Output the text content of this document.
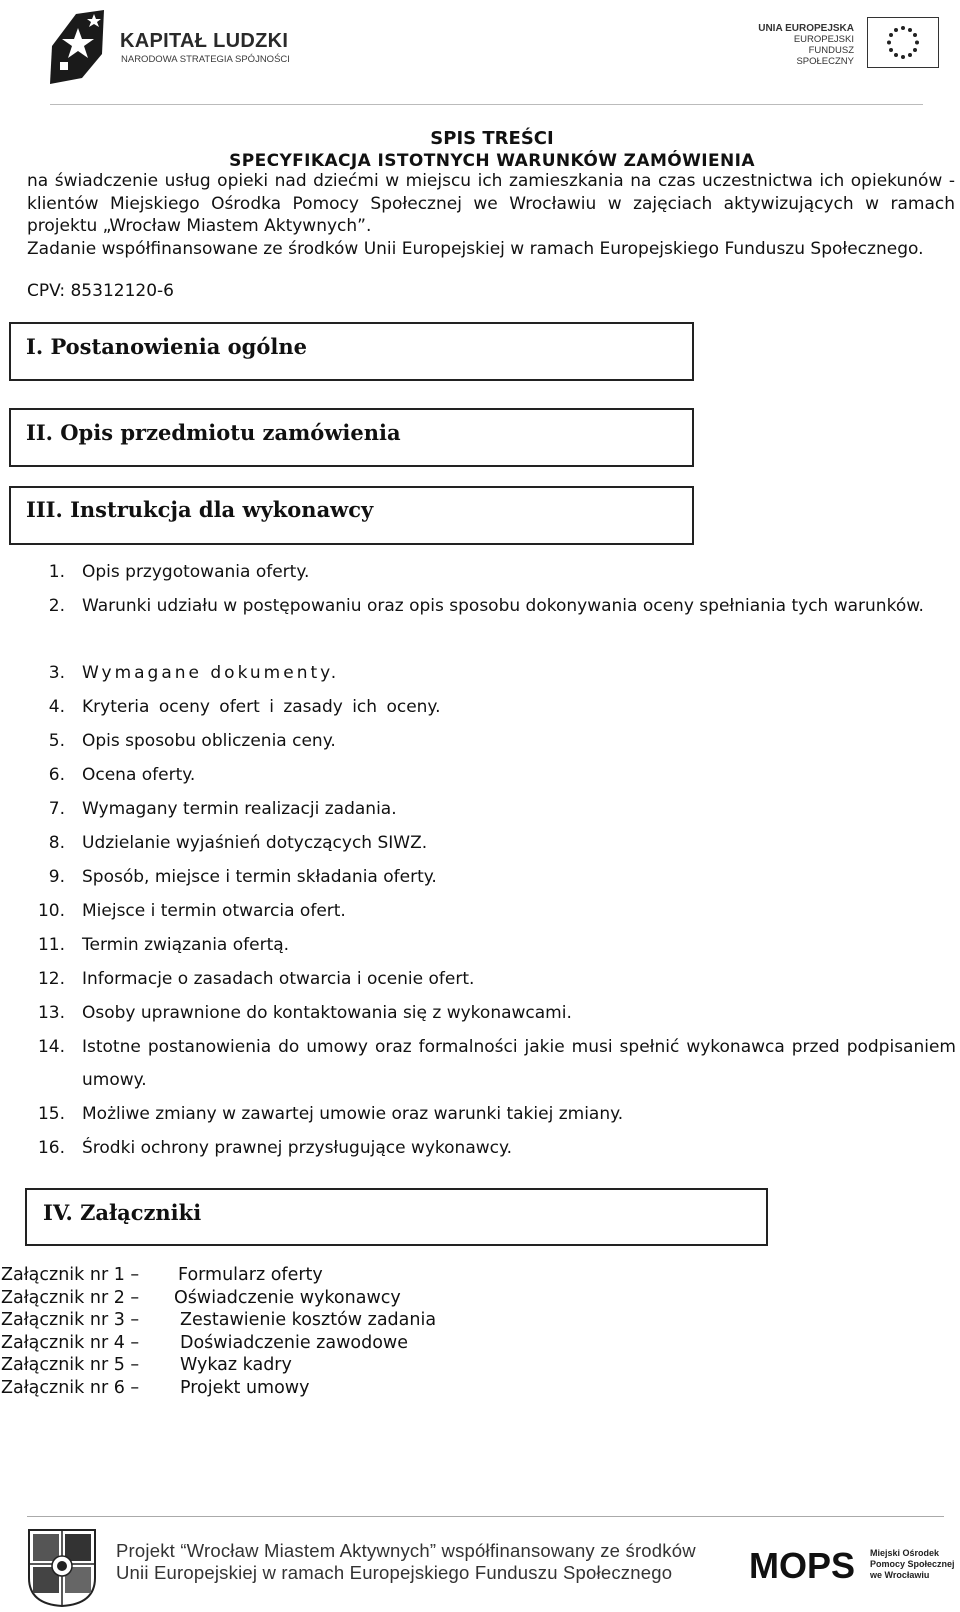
KAPITAŁ LUDZKI
NARODOWA STRATEGIA SPÓJNOŚCI
UNIA EUROPEJSKA
EUROPEJSKI
FUNDUSZ SPOŁECZNY
SPIS TREŚCI
SPECYFIKACJA ISTOTNYCH WARUNKÓW ZAMÓWIENIA

na świadczenie usług opieki nad dziećmi w miejscu ich zamieszkania na czas uczestnictwa ich opiekunów - klientów Miejskiego Ośrodka Pomocy Społecznej we Wrocławiu w zajęciach aktywizujących w ramach projektu „Wrocław Miastem Aktywnych”.

Zadanie współfinansowane ze środków Unii Europejskiej w ramach Europejskiego Funduszu Społecznego.

CPV: 85312120-6
I. Postanowienia ogólne
II. Opis przedmiotu zamówienia
III. Instrukcja dla wykonawcy
1. Opis przygotowania oferty.
2. Warunki udziału w postępowaniu oraz opis sposobu dokonywania oceny spełniania tych warunków.
3. Wymagane dokumenty.
4. Kryteria oceny ofert i zasady ich oceny.
5. Opis sposobu obliczenia ceny.
6. Ocena oferty.
7. Wymagany termin realizacji zadania.
8. Udzielanie wyjaśnień dotyczących SIWZ.
9. Sposób, miejsce i termin składania oferty.
10. Miejsce i termin otwarcia ofert.
11. Termin związania ofertą.
12. Informacje o zasadach otwarcia i ocenie ofert.
13. Osoby uprawnione do kontaktowania się z wykonawcami.
14. Istotne postanowienia do umowy oraz formalności jakie musi spełnić wykonawca przed podpisaniem umowy.
15. Możliwe zmiany w zawartej umowie oraz warunki takiej zmiany.
16. Środki ochrony prawnej przysługujące wykonawcy.
IV. Załączniki
Załącznik nr 1 – Formularz oferty
Załącznik nr 2 – Oświadczenie wykonawcy
Załącznik nr 3 – Zestawienie kosztów zadania
Załącznik nr 4 – Doświadczenie zawodowe
Załącznik nr 5 – Wykaz kadry
Załącznik nr 6 – Projekt umowy
Projekt “Wrocław Miastem Aktywnych” współfinansowany ze środków
Unii Europejskiej w ramach Europejskiego Funduszu Społecznego	MOPS Miejski Ośrodek
Pomocy Społecznej
we Wrocławiu
